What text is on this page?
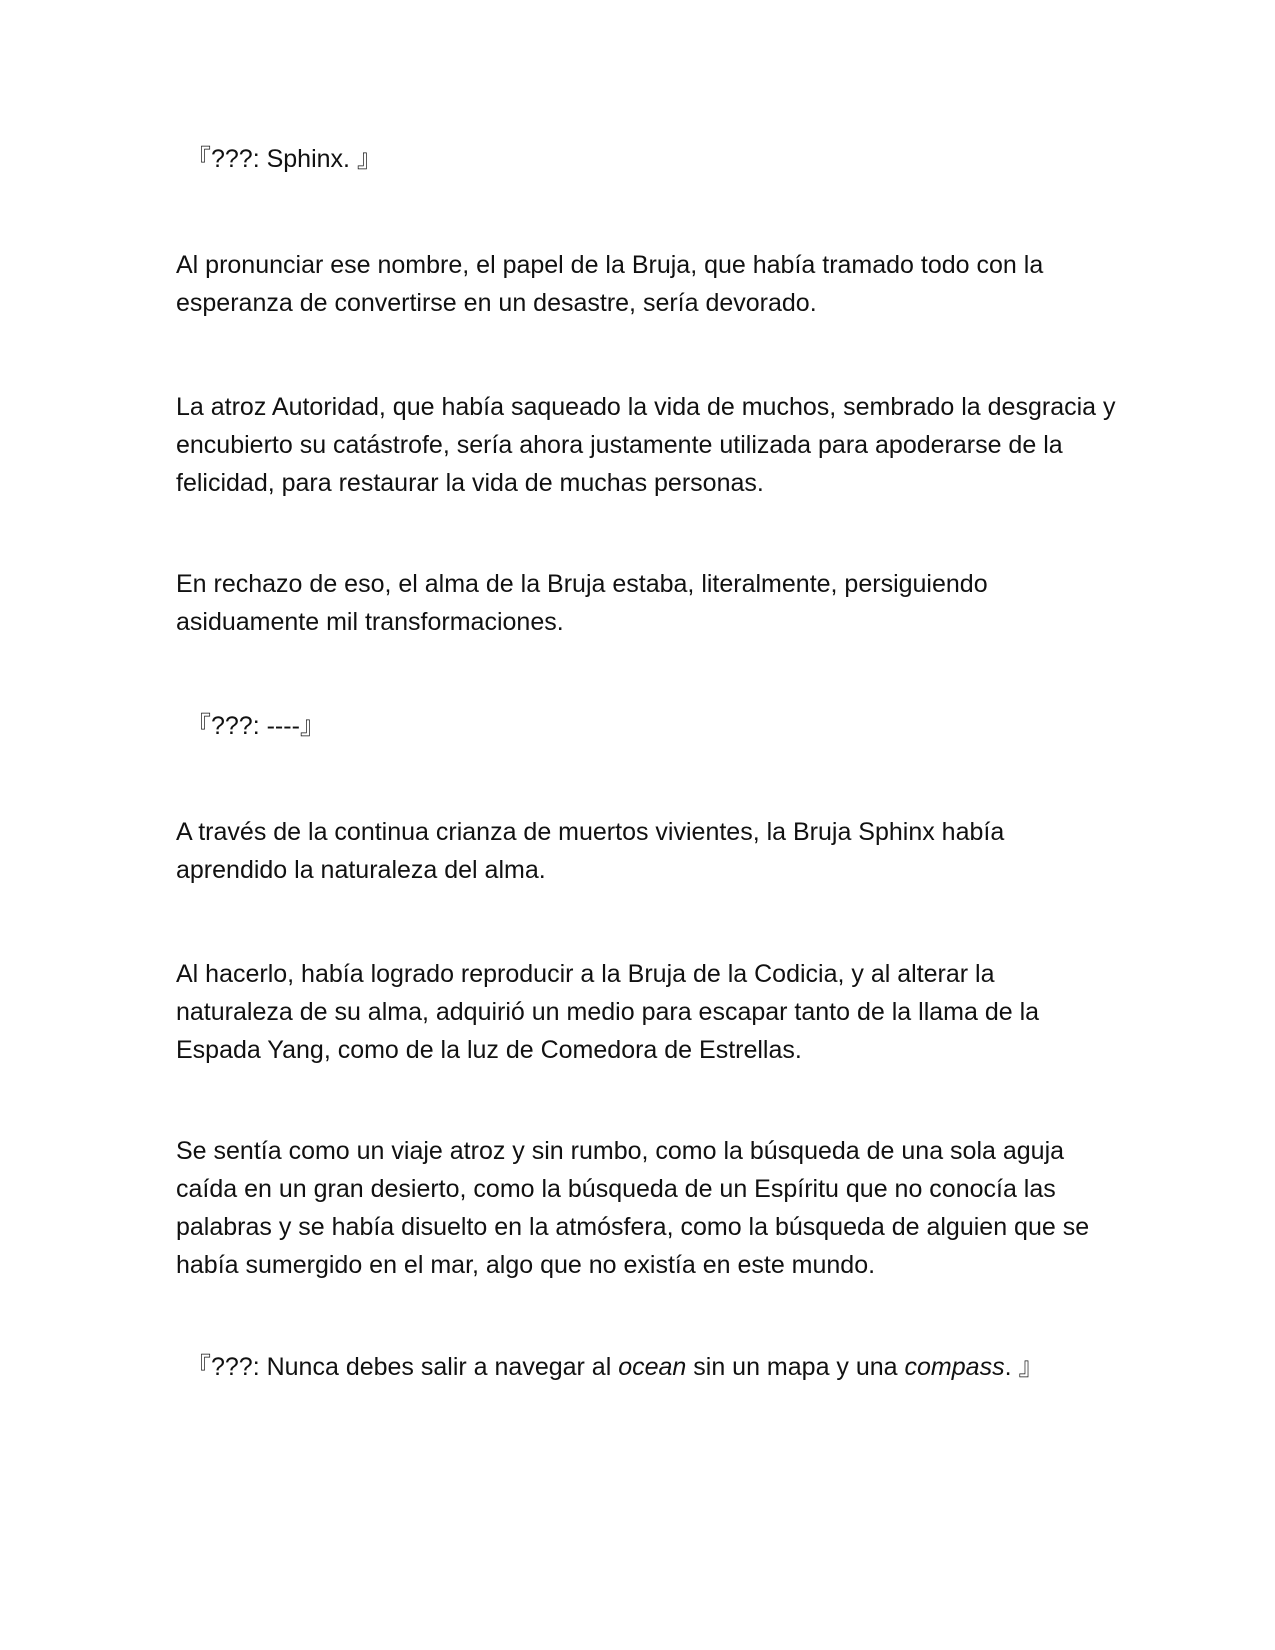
『???: Sphinx. 』

Al pronunciar ese nombre, el papel de la Bruja, que había tramado todo con la esperanza de convertirse en un desastre, sería devorado.

La atroz Autoridad, que había saqueado la vida de muchos, sembrado la desgracia y encubierto su catástrofe, sería ahora justamente utilizada para apoderarse de la felicidad, para restaurar la vida de muchas personas.

En rechazo de eso, el alma de la Bruja estaba, literalmente, persiguiendo asiduamente mil transformaciones.

『???: ----』

A través de la continua crianza de muertos vivientes, la Bruja Sphinx había aprendido la naturaleza del alma.

Al hacerlo, había logrado reproducir a la Bruja de la Codicia, y al alterar la naturaleza de su alma, adquirió un medio para escapar tanto de la llama de la Espada Yang, como de la luz de Comedora de Estrellas.

Se sentía como un viaje atroz y sin rumbo, como la búsqueda de una sola aguja caída en un gran desierto, como la búsqueda de un Espíritu que no conocía las palabras y se había disuelto en la atmósfera, como la búsqueda de alguien que se había sumergido en el mar, algo que no existía en este mundo.

『???: Nunca debes salir a navegar al ocean sin un mapa y una compass. 』
